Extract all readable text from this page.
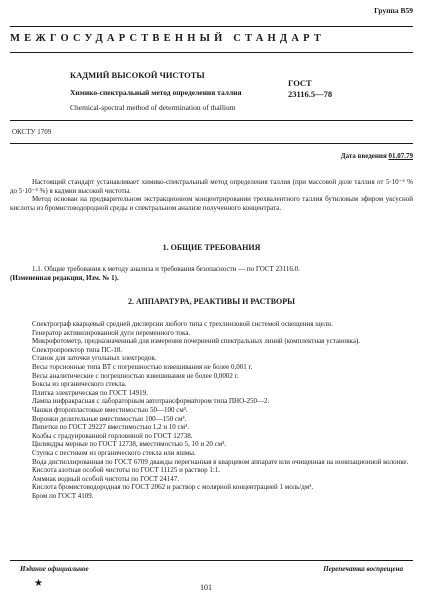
Группа В59
МЕЖГОСУДАРСТВЕННЫЙ СТАНДАРТ
КАДМИЙ ВЫСОКОЙ ЧИСТОТЫ
Химико-спектральный метод определения таллия
Chemical-spectral method of determination of thallium
ГОСТ
23116.5—78
ОКСТУ 1709
Дата введения 01.07.79

Настоящий стандарт устанавливает химико-спектральный метод определения таллия (при массовой доле таллия от 5·10⁻⁶ % до 5·10⁻⁴ %) в кадмии высокой чистоты.

Метод основан на предварительном экстракционном концентрировании трехвалентного таллия бутиловым эфиром уксусной кислоты из бромистоводородной среды и спектральном анализе полученного концентрата.

1. ОБЩИЕ ТРЕБОВАНИЯ

1.1. Общие требования к методу анализа и требования безопасности — по ГОСТ 23116.0.

(Измененная редакция, Изм. № 1).

2. АППАРАТУРА, РЕАКТИВЫ И РАСТВОРЫ

Спектрограф кварцевый средней дисперсии любого типа с трехлинзовой системой освещения щели.

Генератор активизированной дуги переменного тока.

Микрофотометр, предназначенный для измерения почернений спектральных линий (комплектная установка).

Спектропроектор типа ПС-18.

Станок для заточки угольных электродов.

Весы торсионные типа ВТ с погрешностью взвешивания не более 0,001 г.

Весы аналитические с погрешностью взвешивания не более 0,0002 г.

Боксы из органического стекла.

Плитка электрическая по ГОСТ 14919.

Лампа инфракрасная с лабораторным автотрансформатором типа ПНО-250—2.

Чашки фторопластовые вместимостью 50—100 см³.

Воронки делительные вместимостью 100—150 см³.

Пипетки по ГОСТ 29227 вместимостью 1,2 и 10 см³.

Колбы с градуированной горловиной по ГОСТ 12738.

Цилиндры мерные по ГОСТ 12738, вместимостью 5, 10 и 20 см³.

Ступка с пестиком из органического стекла или яшмы.

Вода дистиллированная по ГОСТ 6709 дважды перегнанная в кварцевом аппарате или очищенная на ионизационной колонке.

Кислота азотная особой чистоты по ГОСТ 11125 и раствор 1:1.

Аммиак водный особой чистоты по ГОСТ 24147.

Кислота бромистоводородная по ГОСТ 2062 и раствор с молярной концентрацией 1 моль/дм³.

Бром по ГОСТ 4109.

Издание официальное	Перепечатка воспрещена
★	101
